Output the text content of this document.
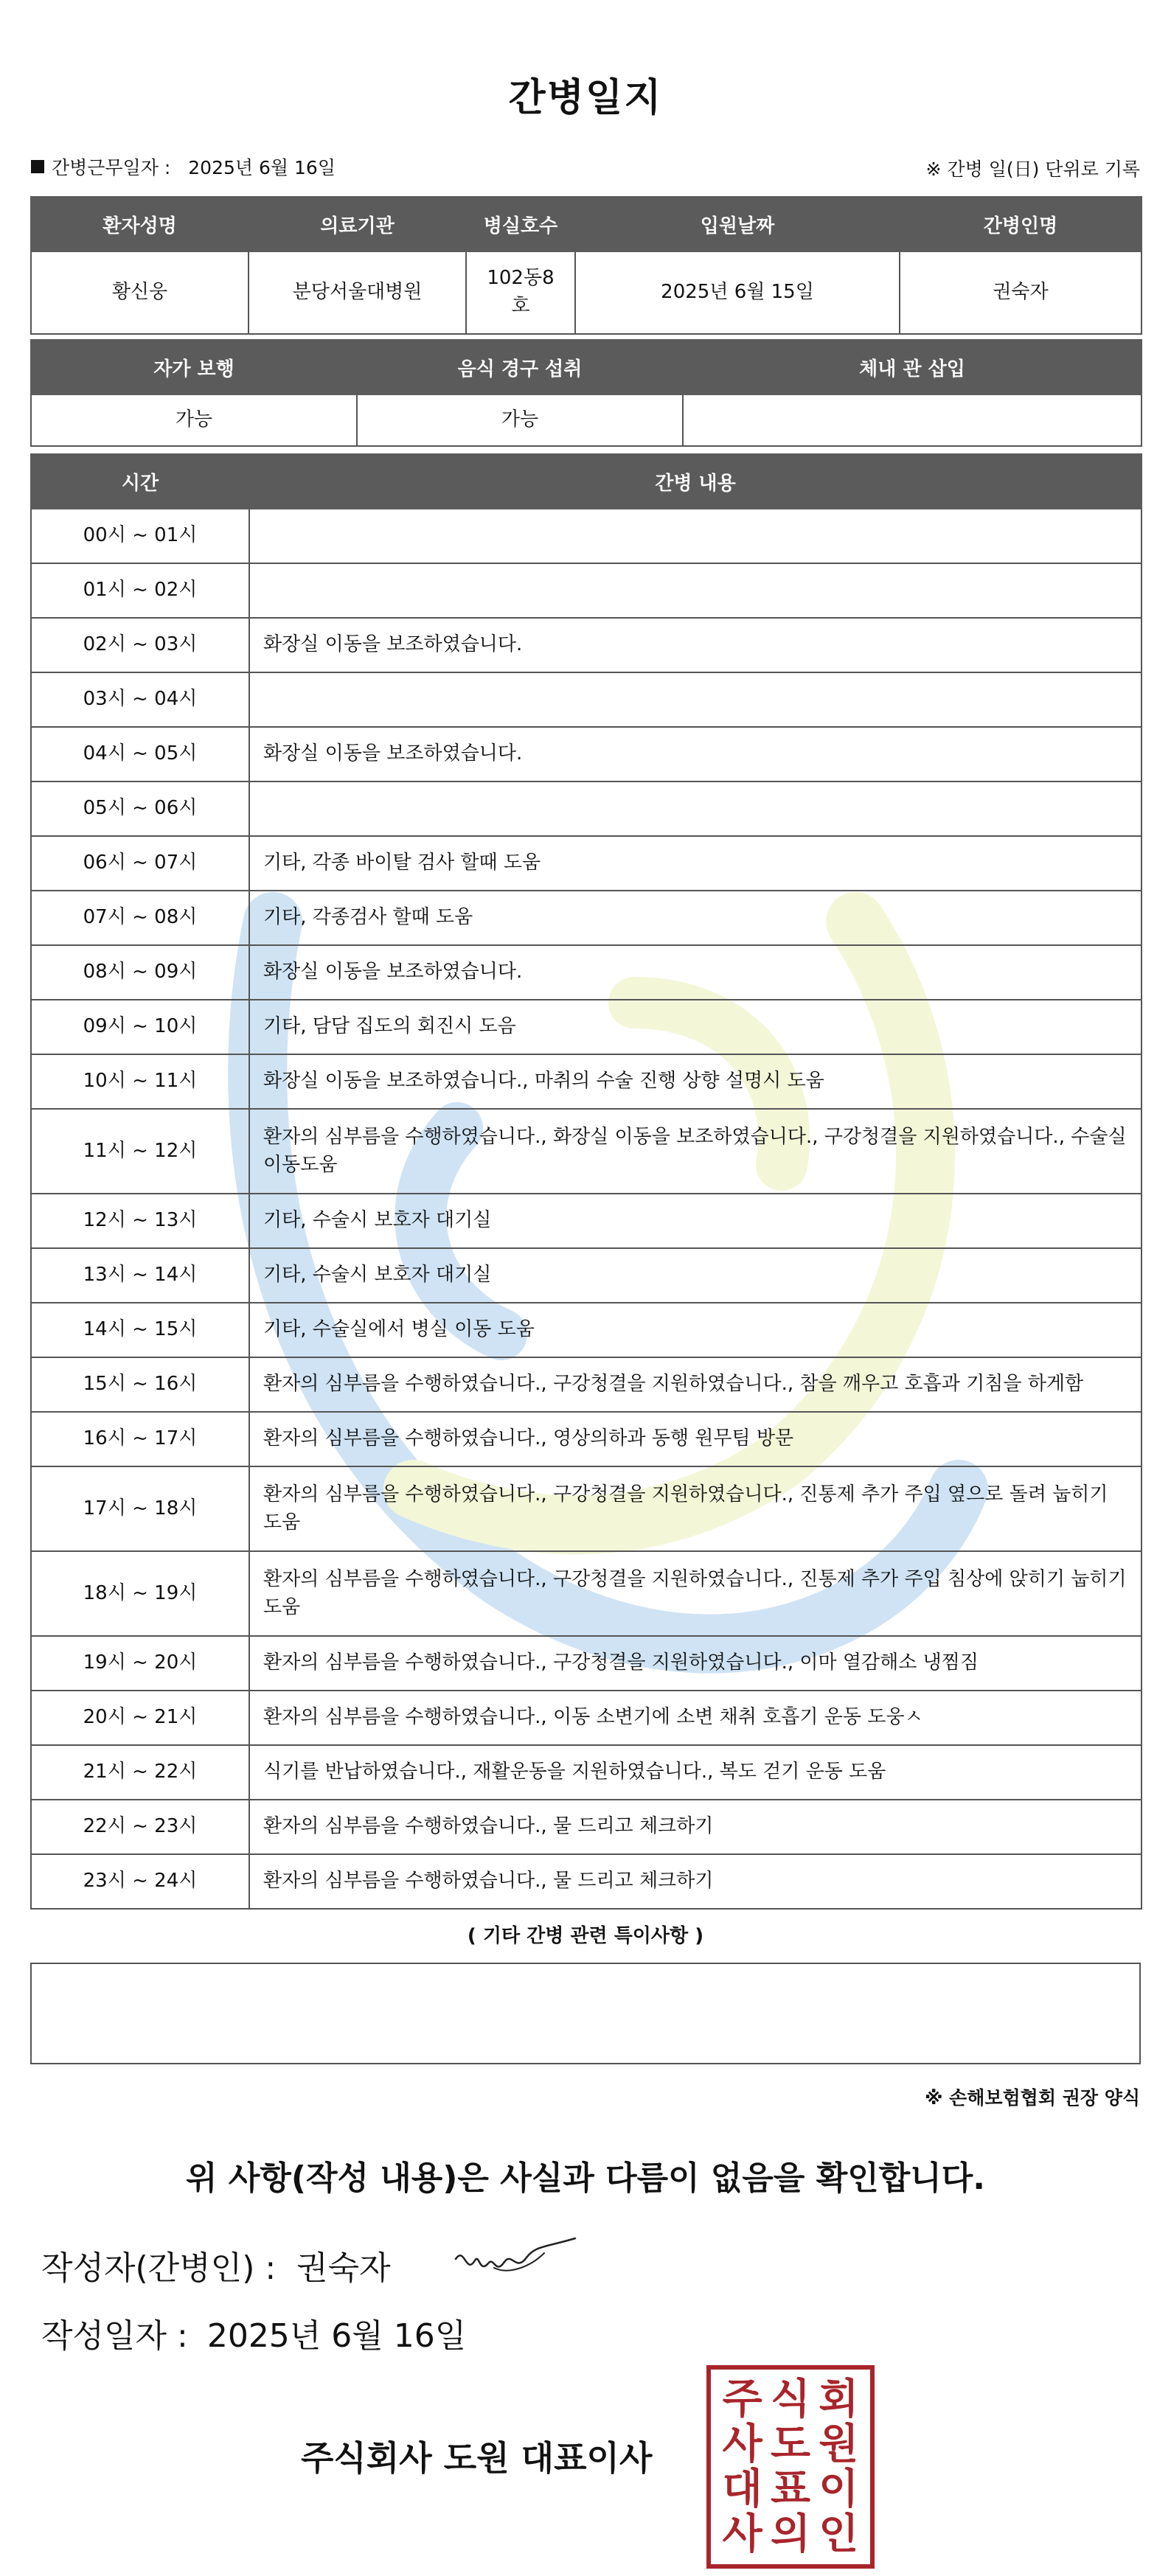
간병일지
간병근무일자 : 2025년 6월 16일	※ 간병 일(日) 단위로 기록
환자성명	의료기관	병실호수	입원날짜	간병인명
황신웅	분당서울대병원	102동8호	2025년 6월 15일	권숙자
자가 보행	음식 경구 섭취	체내 관 삽입
가능	가능	
시간	간병 내용
00시 ~ 01시	
01시 ~ 02시	
02시 ~ 03시	화장실 이동을 보조하였습니다.
03시 ~ 04시	
04시 ~ 05시	화장실 이동을 보조하였습니다.
05시 ~ 06시	
06시 ~ 07시	기타, 각종 바이탈 검사 할때 도움
07시 ~ 08시	기타, 각종검사 할때 도움
08시 ~ 09시	화장실 이동을 보조하였습니다.
09시 ~ 10시	기타, 담담 집도의 회진시 도음
10시 ~ 11시	화장실 이동을 보조하였습니다., 마취의 수술 진행 상향 설명시 도움
11시 ~ 12시	환자의 심부름을 수행하였습니다., 화장실 이동을 보조하였습니다., 구강청결을 지원하였습니다., 수술실 이동도움
12시 ~ 13시	기타, 수술시 보호자 대기실
13시 ~ 14시	기타, 수술시 보호자 대기실
14시 ~ 15시	기타, 수술실에서 병실 이동 도움
15시 ~ 16시	환자의 심부름을 수행하였습니다., 구강청결을 지원하였습니다., 참을 깨우고 호흡과 기침을 하게함
16시 ~ 17시	환자의 심부름을 수행하였습니다., 영상의하과 동행 원무팀 방문
17시 ~ 18시	환자의 심부름을 수행하였습니다., 구강청결을 지원하였습니다., 진통제 추가 주입 옆으로 돌려 눕히기 도움
18시 ~ 19시	환자의 심부름을 수행하였습니다., 구강청결을 지원하였습니다., 진통제 추가 주입 침상에 앉히기 눕히기도움
19시 ~ 20시	환자의 심부름을 수행하였습니다., 구강청결을 지원하였습니다., 이마 열감해소 냉찜짐
20시 ~ 21시	환자의 심부름을 수행하였습니다., 이동 소변기에 소변 채취 호흡기 운동 도웅ㅅ
21시 ~ 22시	식기를 반납하였습니다., 재활운동을 지원하였습니다., 복도 걷기 운동 도움
22시 ~ 23시	환자의 심부름을 수행하였습니다., 물 드리고 체크하기
23시 ~ 24시	환자의 심부름을 수행하였습니다., 물 드리고 체크하기
( 기타 간병 관련 특이사항 )
※ 손해보험협회 권장 양식
위 사항(작성 내용)은 사실과 다름이 없음을 확인합니다.
작성자(간병인) : 권숙자
작성일자 : 2025년 6월 16일
주식회사 도원 대표이사
주 식 회
사 도 원
대 표 이
사 의 인
